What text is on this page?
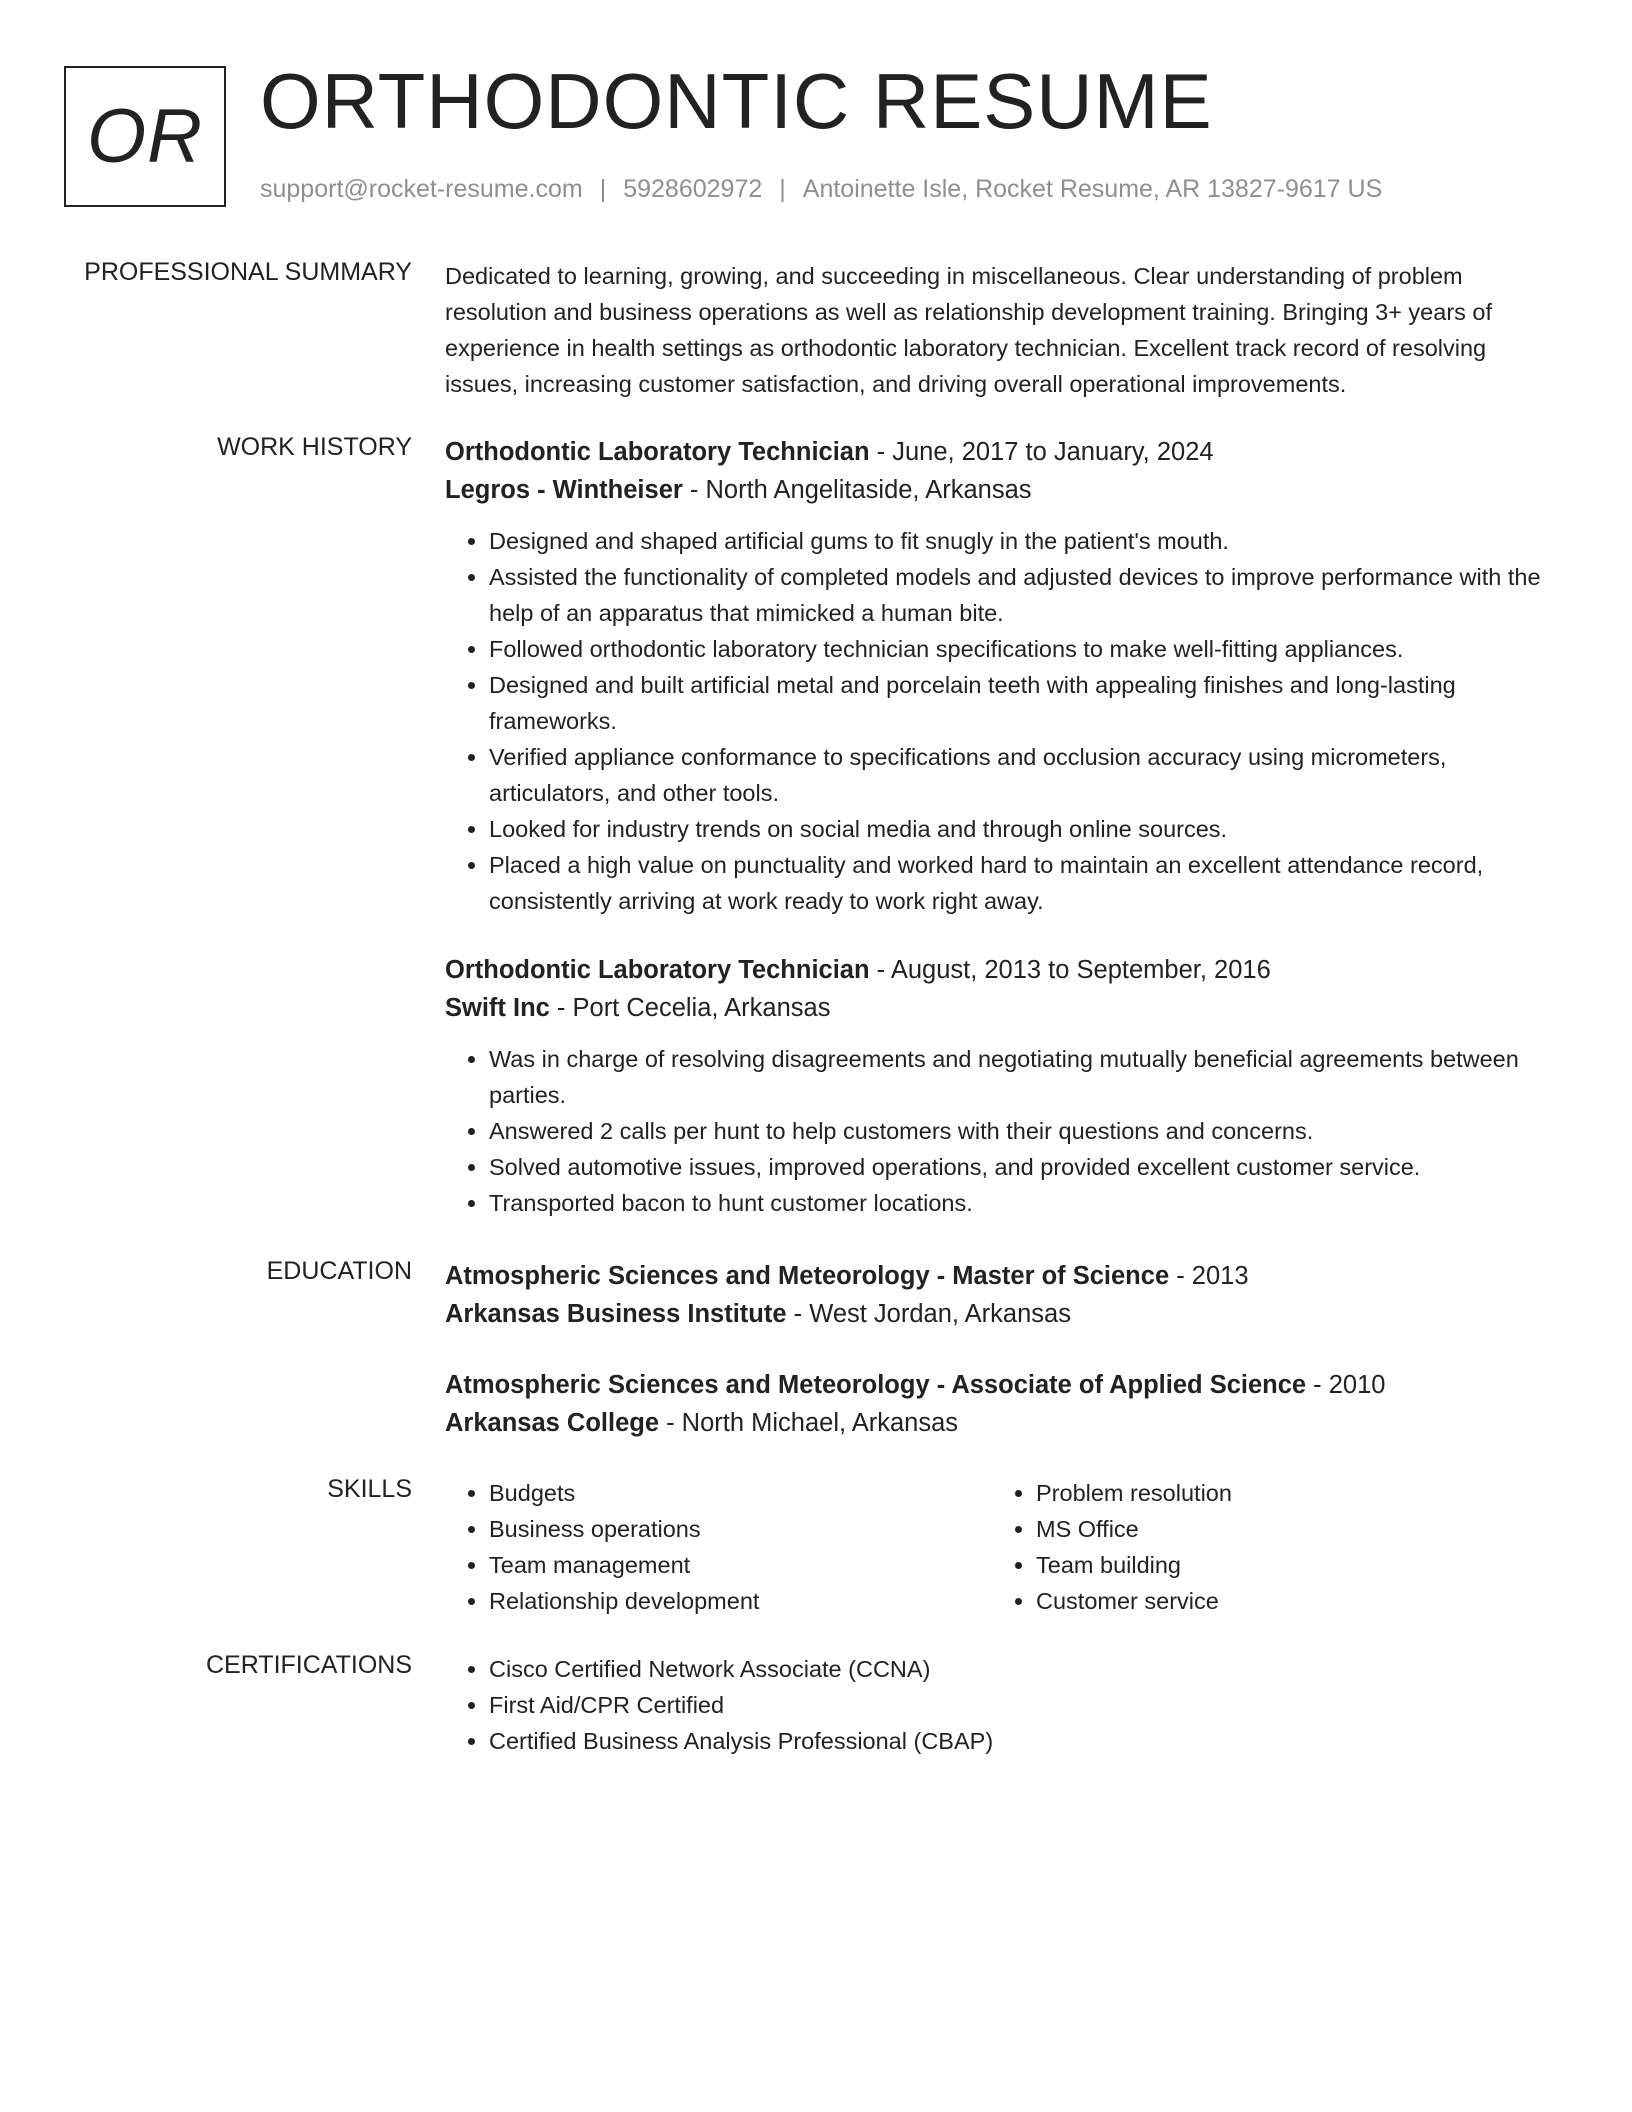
OR ORTHODONTIC RESUME
support@rocket-resume.com | 5928602972 | Antoinette Isle, Rocket Resume, AR 13827-9617 US
PROFESSIONAL SUMMARY Dedicated to learning, growing, and succeeding in miscellaneous. Clear understanding of problem resolution and business operations as well as relationship development training. Bringing 3+ years of experience in health settings as orthodontic laboratory technician. Excellent track record of resolving issues, increasing customer satisfaction, and driving overall operational improvements.

WORK HISTORY Orthodontic Laboratory Technician - June, 2017 to January, 2024
Legros - Wintheiser - North Angelitaside, Arkansas
• Designed and shaped artificial gums to fit snugly in the patient's mouth.
• Assisted the functionality of completed models and adjusted devices to improve performance with the help of an apparatus that mimicked a human bite.
• Followed orthodontic laboratory technician specifications to make well-fitting appliances.
• Designed and built artificial metal and porcelain teeth with appealing finishes and long-lasting frameworks.
• Verified appliance conformance to specifications and occlusion accuracy using micrometers, articulators, and other tools.
• Looked for industry trends on social media and through online sources.
• Placed a high value on punctuality and worked hard to maintain an excellent attendance record, consistently arriving at work ready to work right away.
Orthodontic Laboratory Technician - August, 2013 to September, 2016
Swift Inc - Port Cecelia, Arkansas
• Was in charge of resolving disagreements and negotiating mutually beneficial agreements between parties.
• Answered 2 calls per hunt to help customers with their questions and concerns.
• Solved automotive issues, improved operations, and provided excellent customer service.
• Transported bacon to hunt customer locations.
EDUCATION Atmospheric Sciences and Meteorology - Master of Science - 2013
Arkansas Business Institute - West Jordan, Arkansas
Atmospheric Sciences and Meteorology - Associate of Applied Science - 2010
Arkansas College - North Michael, Arkansas
SKILLS	• Budgets
• Business operations
• Team management
• Relationship development
• Problem resolution
• MS Office
• Team building
• Customer service
CERTIFICATIONS	• Cisco Certified Network Associate (CCNA)
• First Aid/CPR Certified
• Certified Business Analysis Professional (CBAP)
